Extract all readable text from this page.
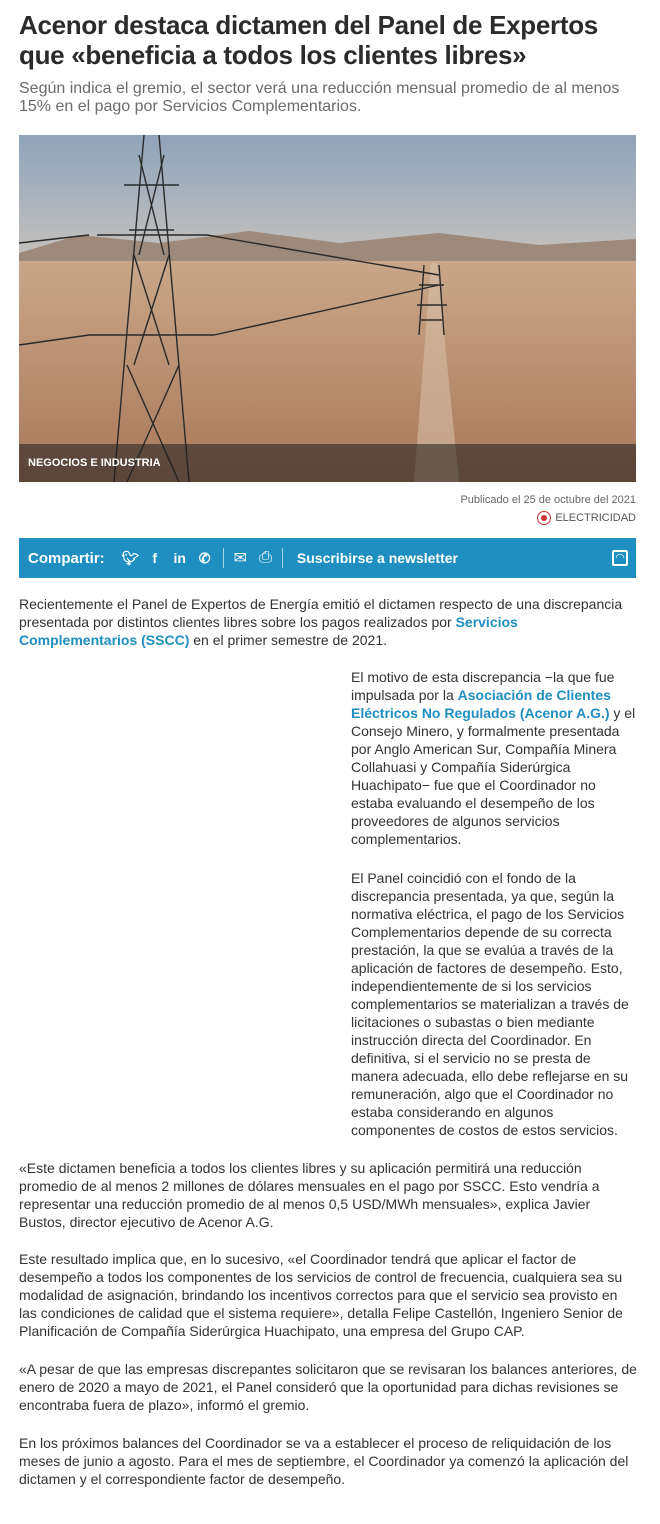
Acenor destaca dictamen del Panel de Expertos que «beneficia a todos los clientes libres»

Según indica el gremio, el sector verá una reducción mensual promedio de al menos 15% en el pago por Servicios Complementarios.

NEGOCIOS E INDUSTRIA
Publicado el 25 de octubre del 2021
ELECTRICIDAD
Compartir: 🐦︎ f	in ✆ ✉ ⎙ Suscribirse a newsletter	◠

Recientemente el Panel de Expertos de Energía emitió el dictamen respecto de una discrepancia presentada por distintos clientes libres sobre los pagos realizados por Servicios Complementarios (SSCC) en el primer semestre de 2021.

El motivo de esta discrepancia −la que fue impulsada por la Asociación de Clientes Eléctricos No Regulados (Acenor A.G.) y el Consejo Minero, y formalmente presentada por Anglo American Sur, Compañía Minera Collahuasi y Compañía Siderúrgica Huachipato− fue que el Coordinador no estaba evaluando el desempeño de los proveedores de algunos servicios complementarios.

El Panel coincidió con el fondo de la discrepancia presentada, ya que, según la normativa eléctrica, el pago de los Servicios Complementarios depende de su correcta prestación, la que se evalúa a través de la aplicación de factores de desempeño. Esto, independientemente de si los servicios complementarios se materializan a través de licitaciones o subastas o bien mediante instrucción directa del Coordinador. En definitiva, si el servicio no se presta de manera adecuada, ello debe reflejarse en su remuneración, algo que el Coordinador no estaba considerando en algunos componentes de costos de estos servicios.

«Este dictamen beneficia a todos los clientes libres y su aplicación permitirá una reducción promedio de al menos 2 millones de dólares mensuales en el pago por SSCC. Esto vendría a representar una reducción promedio de al menos 0,5 USD/MWh mensuales», explica Javier Bustos, director ejecutivo de Acenor A.G.

Este resultado implica que, en lo sucesivo, «el Coordinador tendrá que aplicar el factor de desempeño a todos los componentes de los servicios de control de frecuencia, cualquiera sea su modalidad de asignación, brindando los incentivos correctos para que el servicio sea provisto en las condiciones de calidad que el sistema requiere», detalla Felipe Castellón, Ingeniero Senior de Planificación de Compañía Siderúrgica Huachipato, una empresa del Grupo CAP.

«A pesar de que las empresas discrepantes solicitaron que se revisaran los balances anteriores, de enero de 2020 a mayo de 2021, el Panel consideró que la oportunidad para dichas revisiones se encontraba fuera de plazo», informó el gremio.

En los próximos balances del Coordinador se va a establecer el proceso de reliquidación de los meses de junio a agosto. Para el mes de septiembre, el Coordinador ya comenzó la aplicación del dictamen y el correspondiente factor de desempeño.
